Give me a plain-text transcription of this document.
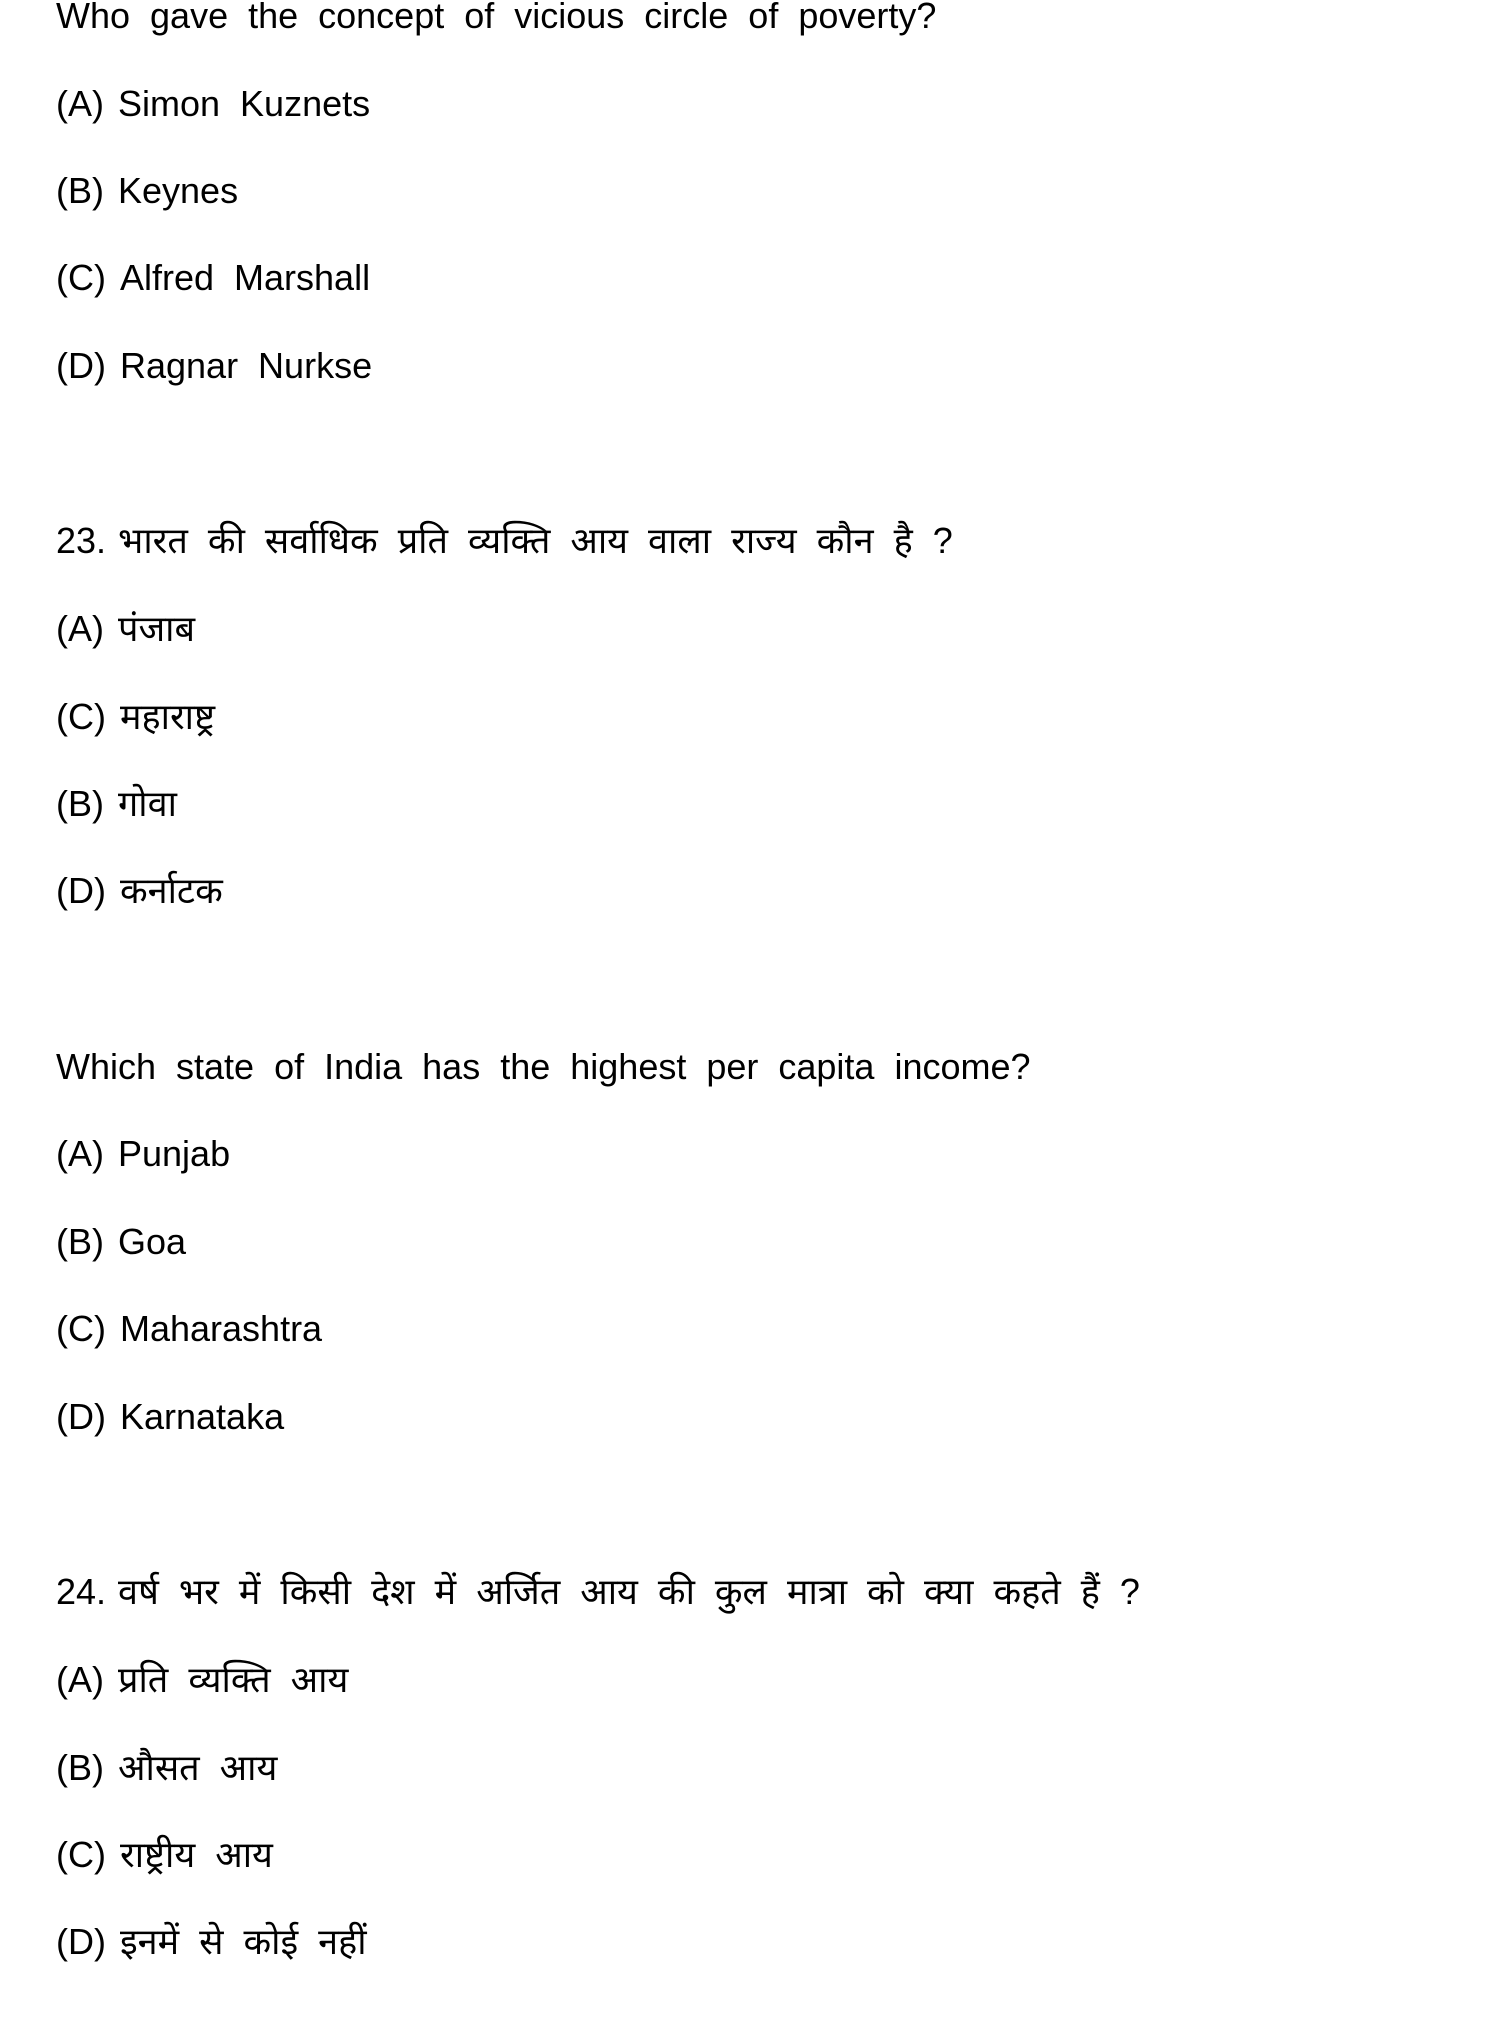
Who gave the concept of vicious circle of poverty?
(A) Simon Kuznets
(B) Keynes
(C) Alfred Marshall
(D) Ragnar Nurkse
23. भारत की सर्वाधिक प्रति व्यक्ति आय वाला राज्य कौन है ?
(A) पंजाब
(C) महाराष्ट्र
(B) गोवा
(D) कर्नाटक
Which state of India has the highest per capita income?
(A) Punjab
(B) Goa
(C) Maharashtra
(D) Karnataka
24. वर्ष भर में किसी देश में अर्जित आय की कुल मात्रा को क्या कहते हैं ?
(A) प्रति व्यक्ति आय
(B) औसत आय
(C) राष्ट्रीय आय
(D) इनमें से कोई नहीं
